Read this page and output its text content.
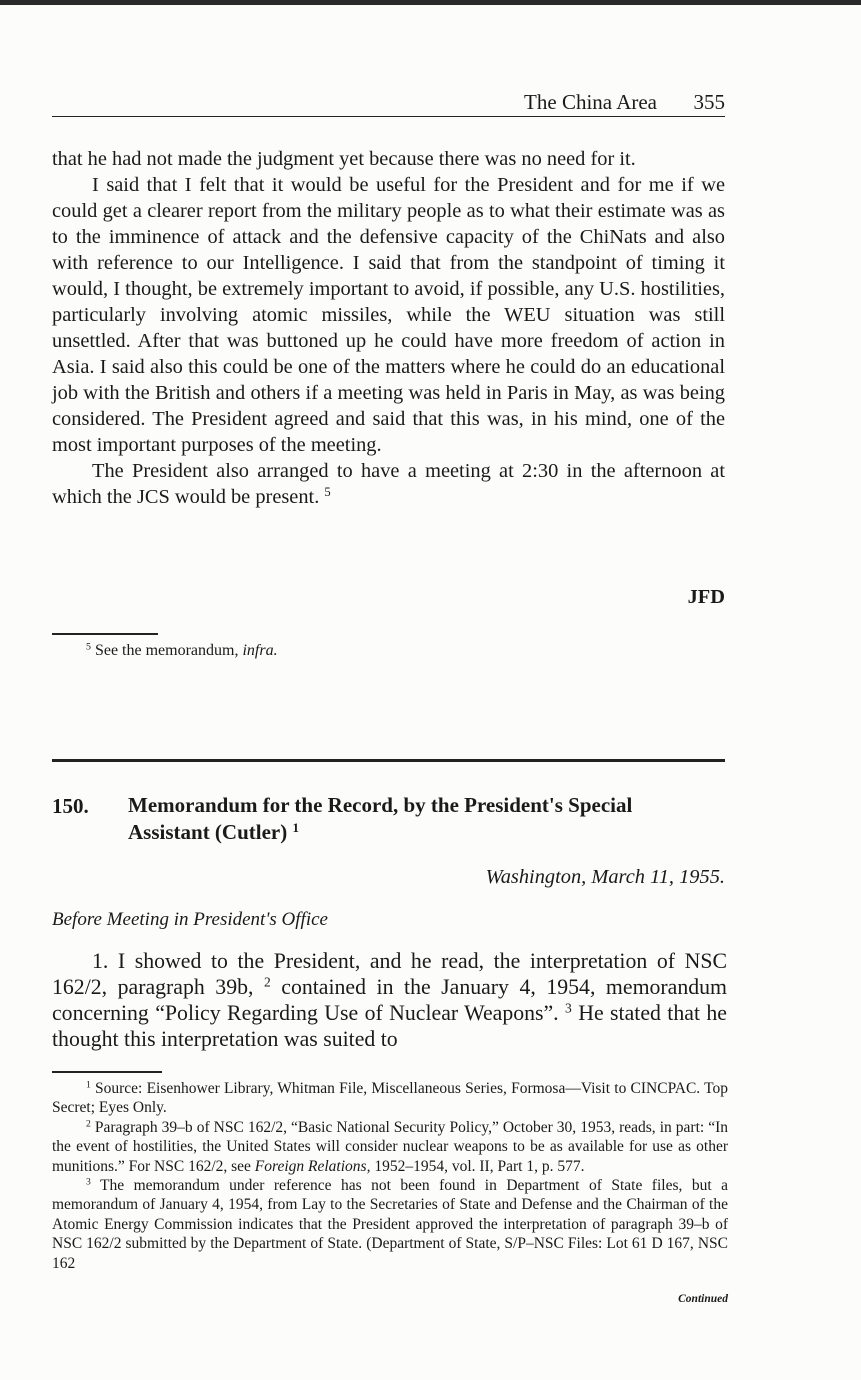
The China Area 355

that he had not made the judgment yet because there was no need for it.

I said that I felt that it would be useful for the President and for me if we could get a clearer report from the military people as to what their estimate was as to the imminence of attack and the defensive capacity of the ChiNats and also with reference to our Intelligence. I said that from the standpoint of timing it would, I thought, be extremely important to avoid, if possible, any U.S. hostilities, particularly involving atomic missiles, while the WEU situation was still unsettled. After that was buttoned up he could have more freedom of action in Asia. I said also this could be one of the matters where he could do an educational job with the British and others if a meeting was held in Paris in May, as was being considered. The President agreed and said that this was, in his mind, one of the most important purposes of the meeting.

The President also arranged to have a meeting at 2:30 in the afternoon at which the JCS would be present. $^5$

JFD

$^5$ See the memorandum, infra.

150. Memorandum for the Record, by the President's Special Assistant (Cutler) $^1$
Washington, March 11, 1955.
Before Meeting in President's Office

1. I showed to the President, and he read, the interpretation of NSC 162/2, paragraph 39b, $^2$ contained in the January 4, 1954, memorandum concerning “Policy Regarding Use of Nuclear Weapons”. $^3$ He stated that he thought this interpretation was suited to

$^1$ Source: Eisenhower Library, Whitman File, Miscellaneous Series, Formosa—Visit to CINCPAC. Top Secret; Eyes Only.

$^2$ Paragraph 39–b of NSC 162/2, “Basic National Security Policy,” October 30, 1953, reads, in part: “In the event of hostilities, the United States will consider nuclear weapons to be as available for use as other munitions.” For NSC 162/2, see Foreign Relations, 1952–1954, vol. II, Part 1, p. 577.

$^3$ The memorandum under reference has not been found in Department of State files, but a memorandum of January 4, 1954, from Lay to the Secretaries of State and Defense and the Chairman of the Atomic Energy Commission indicates that the President approved the interpretation of paragraph 39–b of NSC 162/2 submitted by the Department of State. (Department of State, S/P–NSC Files: Lot 61 D 167, NSC 162

Continued
